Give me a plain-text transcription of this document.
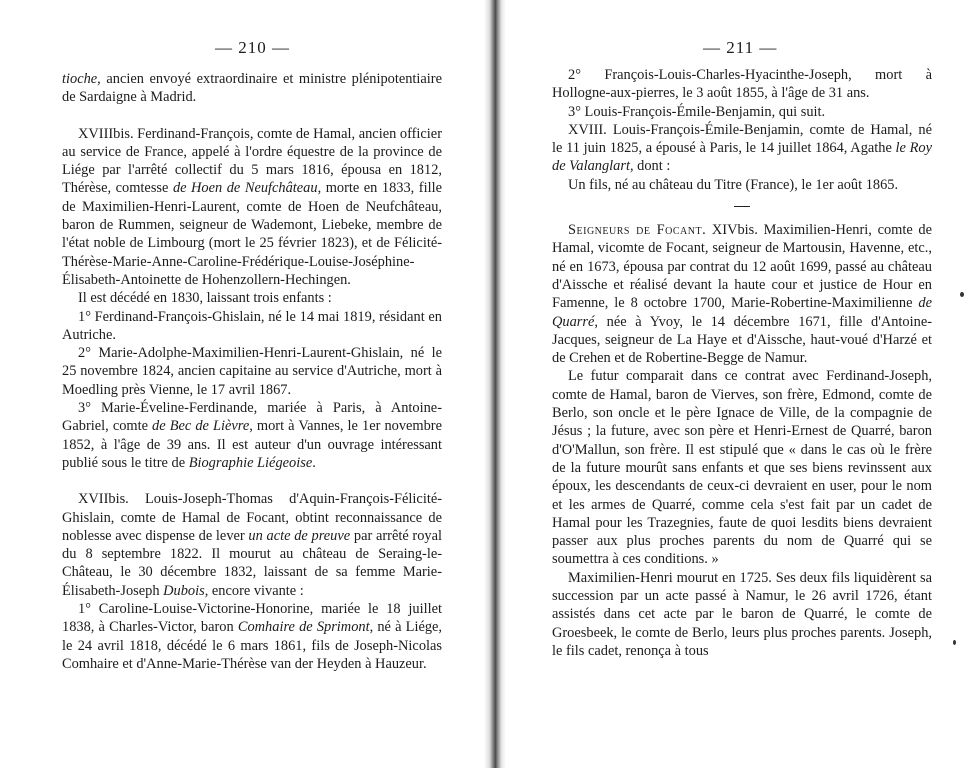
— 210 —

tioche, ancien envoyé extraordinaire et ministre plénipotentiaire de Sardaigne à Madrid.

XVIIIbis. Ferdinand-François, comte de Hamal, ancien officier au service de France, appelé à l'ordre équestre de la province de Liége par l'arrêté collectif du 5 mars 1816, épousa en 1812, Thérèse, comtesse de Hoen de Neufchâteau, morte en 1833, fille de Maximilien-Henri-Laurent, comte de Hoen de Neufchâteau, baron de Rummen, seigneur de Wademont, Liebeke, membre de l'état noble de Limbourg (mort le 25 février 1823), et de Félicité-Thérèse-Marie-Anne-Caroline-Frédérique-Louise-Joséphine-Élisabeth-Antoinette de Hohenzollern-Hechingen.

Il est décédé en 1830, laissant trois enfants :

1° Ferdinand-François-Ghislain, né le 14 mai 1819, résidant en Autriche.

2° Marie-Adolphe-Maximilien-Henri-Laurent-Ghislain, né le 25 novembre 1824, ancien capitaine au service d'Autriche, mort à Moedling près Vienne, le 17 avril 1867.

3° Marie-Éveline-Ferdinande, mariée à Paris, à Antoine-Gabriel, comte de Bec de Lièvre, mort à Vannes, le 1er novembre 1852, à l'âge de 39 ans. Il est auteur d'un ouvrage intéressant publié sous le titre de Biographie Liégeoise.

XVIIbis. Louis-Joseph-Thomas d'Aquin-François-Félicité-Ghislain, comte de Hamal de Focant, obtint reconnaissance de noblesse avec dispense de lever un acte de preuve par arrêté royal du 8 septembre 1822. Il mourut au château de Seraing-le-Château, le 30 décembre 1832, laissant de sa femme Marie-Élisabeth-Joseph Dubois, encore vivante :

1° Caroline-Louise-Victorine-Honorine, mariée le 18 juillet 1838, à Charles-Victor, baron Comhaire de Sprimont, né à Liége, le 24 avril 1818, décédé le 6 mars 1861, fils de Joseph-Nicolas Comhaire et d'Anne-Marie-Thérèse van der Heyden à Hauzeur.

— 211 —

2° François-Louis-Charles-Hyacinthe-Joseph, mort à Hollogne-aux-pierres, le 3 août 1855, à l'âge de 31 ans.

3° Louis-François-Émile-Benjamin, qui suit.

XVIII. Louis-François-Émile-Benjamin, comte de Hamal, né le 11 juin 1825, a épousé à Paris, le 14 juillet 1864, Agathe le Roy de Valanglart, dont :

Un fils, né au château du Titre (France), le 1er août 1865.

Seigneurs de Focant. XIVbis. Maximilien-Henri, comte de Hamal, vicomte de Focant, seigneur de Martousin, Havenne, etc., né en 1673, épousa par contrat du 12 août 1699, passé au château d'Aissche et réalisé devant la haute cour et justice de Hour en Famenne, le 8 octobre 1700, Marie-Robertine-Maximilienne de Quarré, née à Yvoy, le 14 décembre 1671, fille d'Antoine-Jacques, seigneur de La Haye et d'Aissche, haut-voué d'Harzé et de Crehen et de Robertine-Begge de Namur.

Le futur comparait dans ce contrat avec Ferdinand-Joseph, comte de Hamal, baron de Vierves, son frère, Edmond, comte de Berlo, son oncle et le père Ignace de Ville, de la compagnie de Jésus ; la future, avec son père et Henri-Ernest de Quarré, baron d'O'Mallun, son frère. Il est stipulé que « dans le cas où le frère de la future mourût sans enfants et que ses biens revinssent aux époux, les descendants de ceux-ci devraient en user, pour le nom et les armes de Quarré, comme cela s'est fait par un cadet de Hamal pour les Trazegnies, faute de quoi lesdits biens devraient passer aux plus proches parents du nom de Quarré qui se soumettra à ces conditions. »

Maximilien-Henri mourut en 1725. Ses deux fils liquidèrent sa succession par un acte passé à Namur, le 26 avril 1726, étant assistés dans cet acte par le baron de Quarré, le comte de Groesbeek, le comte de Berlo, leurs plus proches parents. Joseph, le fils cadet, renonça à tous
